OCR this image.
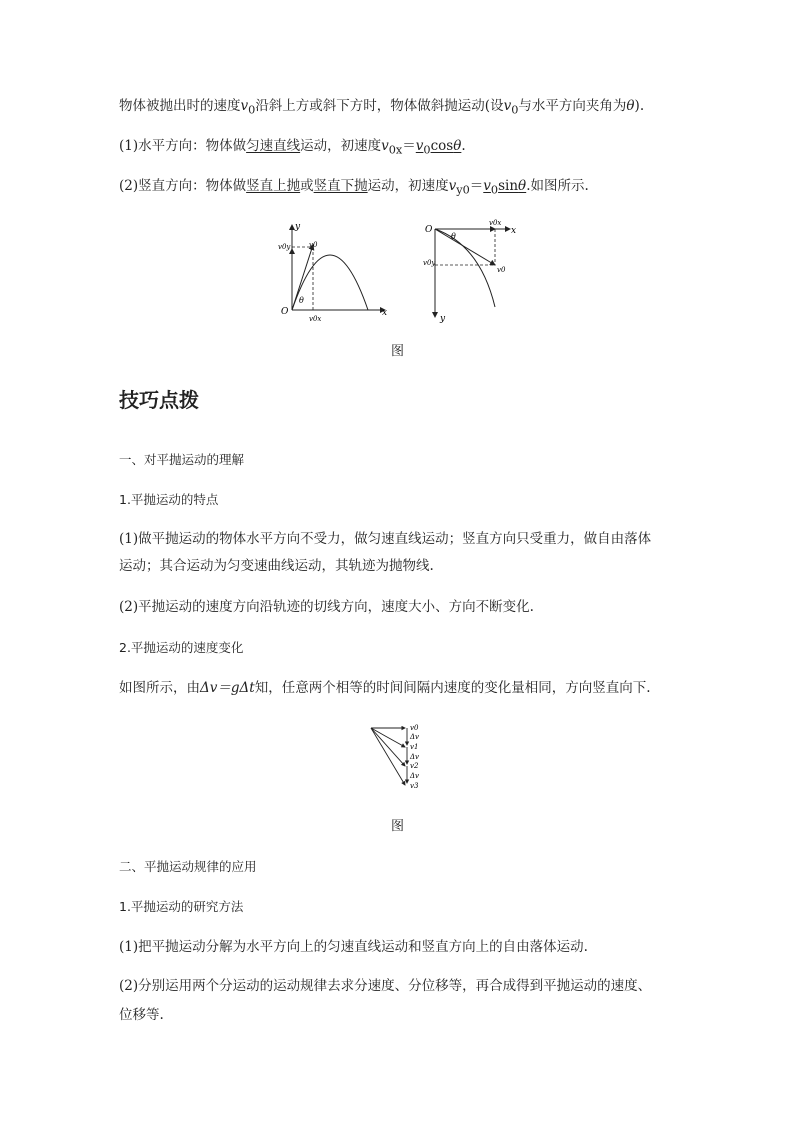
物体被抛出时的速度$v_0$沿斜上方或斜下方时，物体做斜抛运动(设$v_0$与水平方向夹角为θ).
(1)水平方向：物体做匀速直线运动，初速度$v_{0x}=v_0\cos\theta$.
(2)竖直方向：物体做竖直上抛或竖直下抛运动，初速度$v_{y0}=v_0\sin\theta$.如图所示.
y
x
O
v0
v0y
v0x
θ
y
x
O
v0
v0y
v0x
θ
图
技巧点拨
一、对平抛运动的理解
1.平抛运动的特点
(1)做平抛运动的物体水平方向不受力，做匀速直线运动；竖直方向只受重力，做自由落体
运动；其合运动为匀变速曲线运动，其轨迹为抛物线.
(2)平抛运动的速度方向沿轨迹的切线方向，速度大小、方向不断变化.
2.平抛运动的速度变化
如图所示，由Δv＝gΔt知，任意两个相等的时间间隔内速度的变化量相同，方向竖直向下.
v0
Δv
v1
Δv
v2
Δv
v3
图
二、平抛运动规律的应用
1.平抛运动的研究方法
(1)把平抛运动分解为水平方向上的匀速直线运动和竖直方向上的自由落体运动.
(2)分别运用两个分运动的运动规律去求分速度、分位移等，再合成得到平抛运动的速度、
位移等.
